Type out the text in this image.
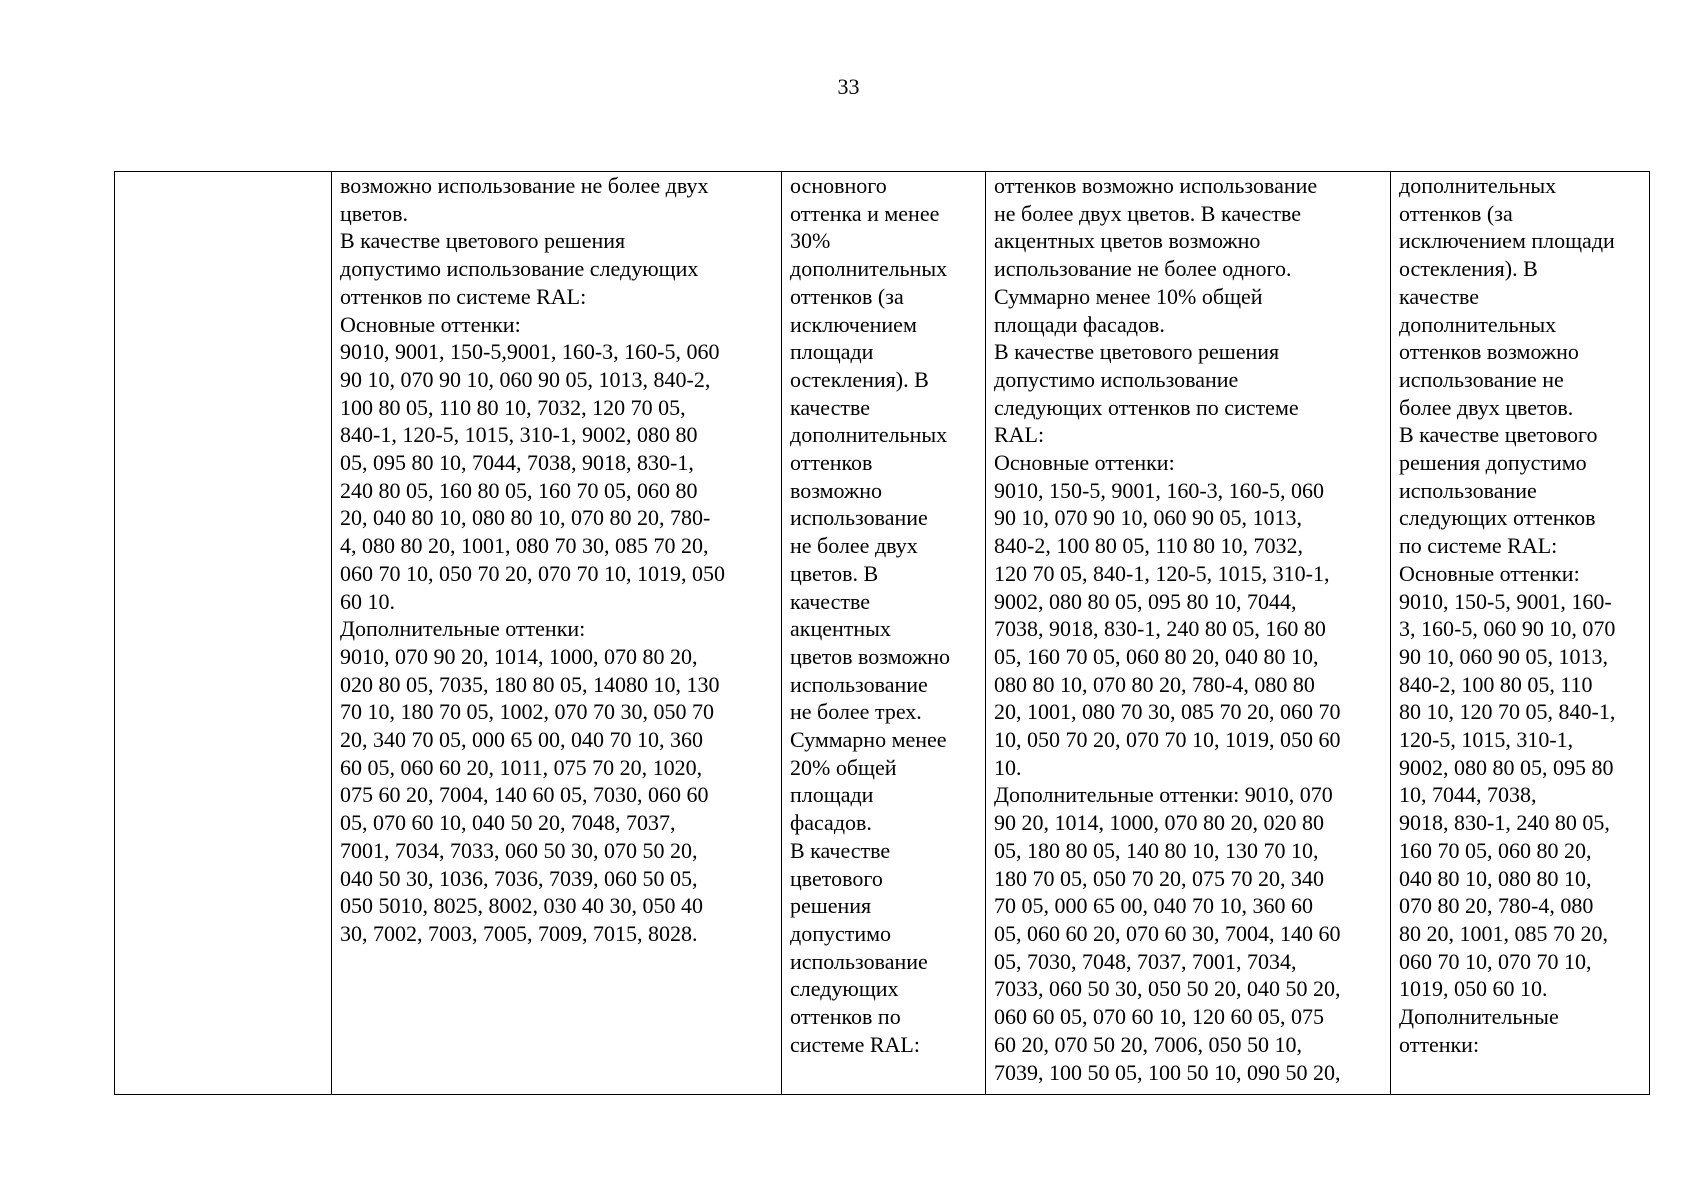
33
	возможно использование не более двух
цветов.
В качестве цветового решения
допустимо использование следующих
оттенков по системе RAL:
Основные оттенки:
9010, 9001, 150-5,9001, 160-3, 160-5, 060
90 10, 070 90 10, 060 90 05, 1013, 840-2,
100 80 05, 110 80 10, 7032, 120 70 05,
840-1, 120-5, 1015, 310-1, 9002, 080 80
05, 095 80 10, 7044, 7038, 9018, 830-1,
240 80 05, 160 80 05, 160 70 05, 060 80
20, 040 80 10, 080 80 10, 070 80 20, 780-
4, 080 80 20, 1001, 080 70 30, 085 70 20,
060 70 10, 050 70 20, 070 70 10, 1019, 050
60 10.
Дополнительные оттенки:
9010, 070 90 20, 1014, 1000, 070 80 20,
020 80 05, 7035, 180 80 05, 14080 10, 130
70 10, 180 70 05, 1002, 070 70 30, 050 70
20, 340 70 05, 000 65 00, 040 70 10, 360
60 05, 060 60 20, 1011, 075 70 20, 1020,
075 60 20, 7004, 140 60 05, 7030, 060 60
05, 070 60 10, 040 50 20, 7048, 7037,
7001, 7034, 7033, 060 50 30, 070 50 20,
040 50 30, 1036, 7036, 7039, 060 50 05,
050 5010, 8025, 8002, 030 40 30, 050 40
30, 7002, 7003, 7005, 7009, 7015, 8028.	основного
оттенка и менее
30%
дополнительных
оттенков (за
исключением
площади
остекления). В
качестве
дополнительных
оттенков
возможно
использование
не более двух
цветов. В
качестве
акцентных
цветов возможно
использование
не более трех.
Суммарно менее
20% общей
площади
фасадов.
В качестве
цветового
решения
допустимо
использование
следующих
оттенков по
системе RAL:	оттенков возможно использование
не более двух цветов. В качестве
акцентных цветов возможно
использование не более одного.
Суммарно менее 10% общей
площади фасадов.
В качестве цветового решения
допустимо использование
следующих оттенков по системе
RAL:
Основные оттенки:
9010, 150-5, 9001, 160-3, 160-5, 060
90 10, 070 90 10, 060 90 05, 1013,
840-2, 100 80 05, 110 80 10, 7032,
120 70 05, 840-1, 120-5, 1015, 310-1,
9002, 080 80 05, 095 80 10, 7044,
7038, 9018, 830-1, 240 80 05, 160 80
05, 160 70 05, 060 80 20, 040 80 10,
080 80 10, 070 80 20, 780-4, 080 80
20, 1001, 080 70 30, 085 70 20, 060 70
10, 050 70 20, 070 70 10, 1019, 050 60
10.
Дополнительные оттенки: 9010, 070
90 20, 1014, 1000, 070 80 20, 020 80
05, 180 80 05, 140 80 10, 130 70 10,
180 70 05, 050 70 20, 075 70 20, 340
70 05, 000 65 00, 040 70 10, 360 60
05, 060 60 20, 070 60 30, 7004, 140 60
05, 7030, 7048, 7037, 7001, 7034,
7033, 060 50 30, 050 50 20, 040 50 20,
060 60 05, 070 60 10, 120 60 05, 075
60 20, 070 50 20, 7006, 050 50 10,
7039, 100 50 05, 100 50 10, 090 50 20,	дополнительных
оттенков (за
исключением площади
остекления). В
качестве
дополнительных
оттенков возможно
использование не
более двух цветов.
В качестве цветового
решения допустимо
использование
следующих оттенков
по системе RAL:
Основные оттенки:
9010, 150-5, 9001, 160-
3, 160-5, 060 90 10, 070
90 10, 060 90 05, 1013,
840-2, 100 80 05, 110
80 10, 120 70 05, 840-1,
120-5, 1015, 310-1,
9002, 080 80 05, 095 80
10, 7044, 7038,
9018, 830-1, 240 80 05,
160 70 05, 060 80 20,
040 80 10, 080 80 10,
070 80 20, 780-4, 080
80 20, 1001, 085 70 20,
060 70 10, 070 70 10,
1019, 050 60 10.
Дополнительные
оттенки:
